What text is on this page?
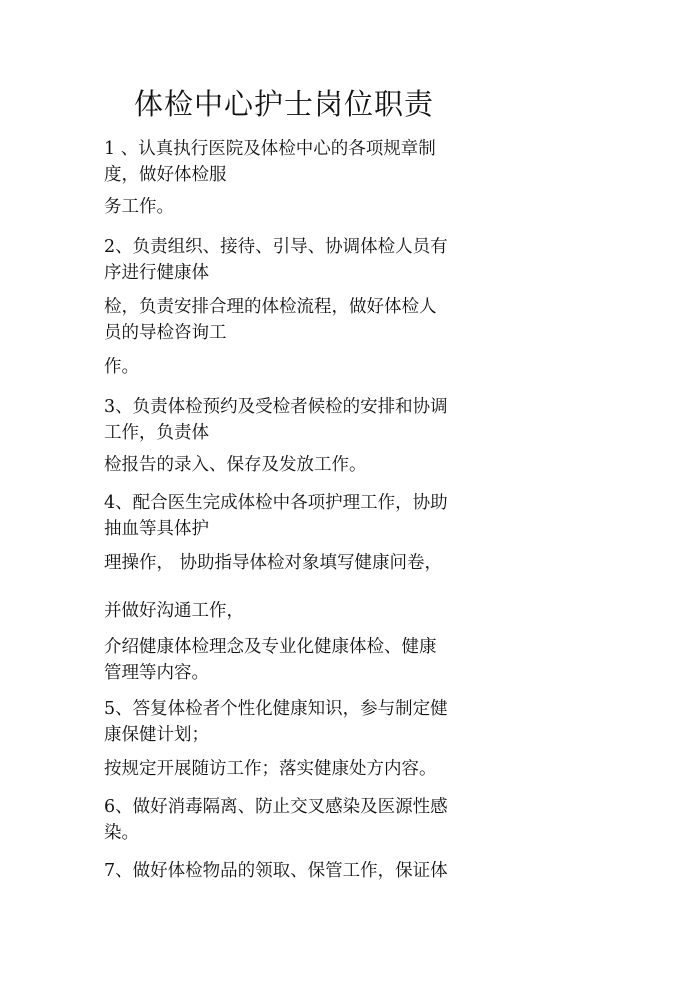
体检中心护士岗位职责
1 、认真执行医院及体检中心的各项规章制
度，做好体检服
务工作。
2、负责组织、接待、引导、协调体检人员有
序进行健康体
检，负责安排合理的体检流程，做好体检人
员的导检咨询工
作。
3、负责体检预约及受检者候检的安排和协调
工作，负责体
检报告的录入、保存及发放工作。
4、配合医生完成体检中各项护理工作，协助
抽血等具体护
理操作， 协助指导体检对象填写健康问卷，
并做好沟通工作，
介绍健康体检理念及专业化健康体检、健康
管理等内容。
5、答复体检者个性化健康知识，参与制定健
康保健计划；
按规定开展随访工作；落实健康处方内容。
6、做好消毒隔离、防止交叉感染及医源性感
染。
7、做好体检物品的领取、保管工作，保证体
